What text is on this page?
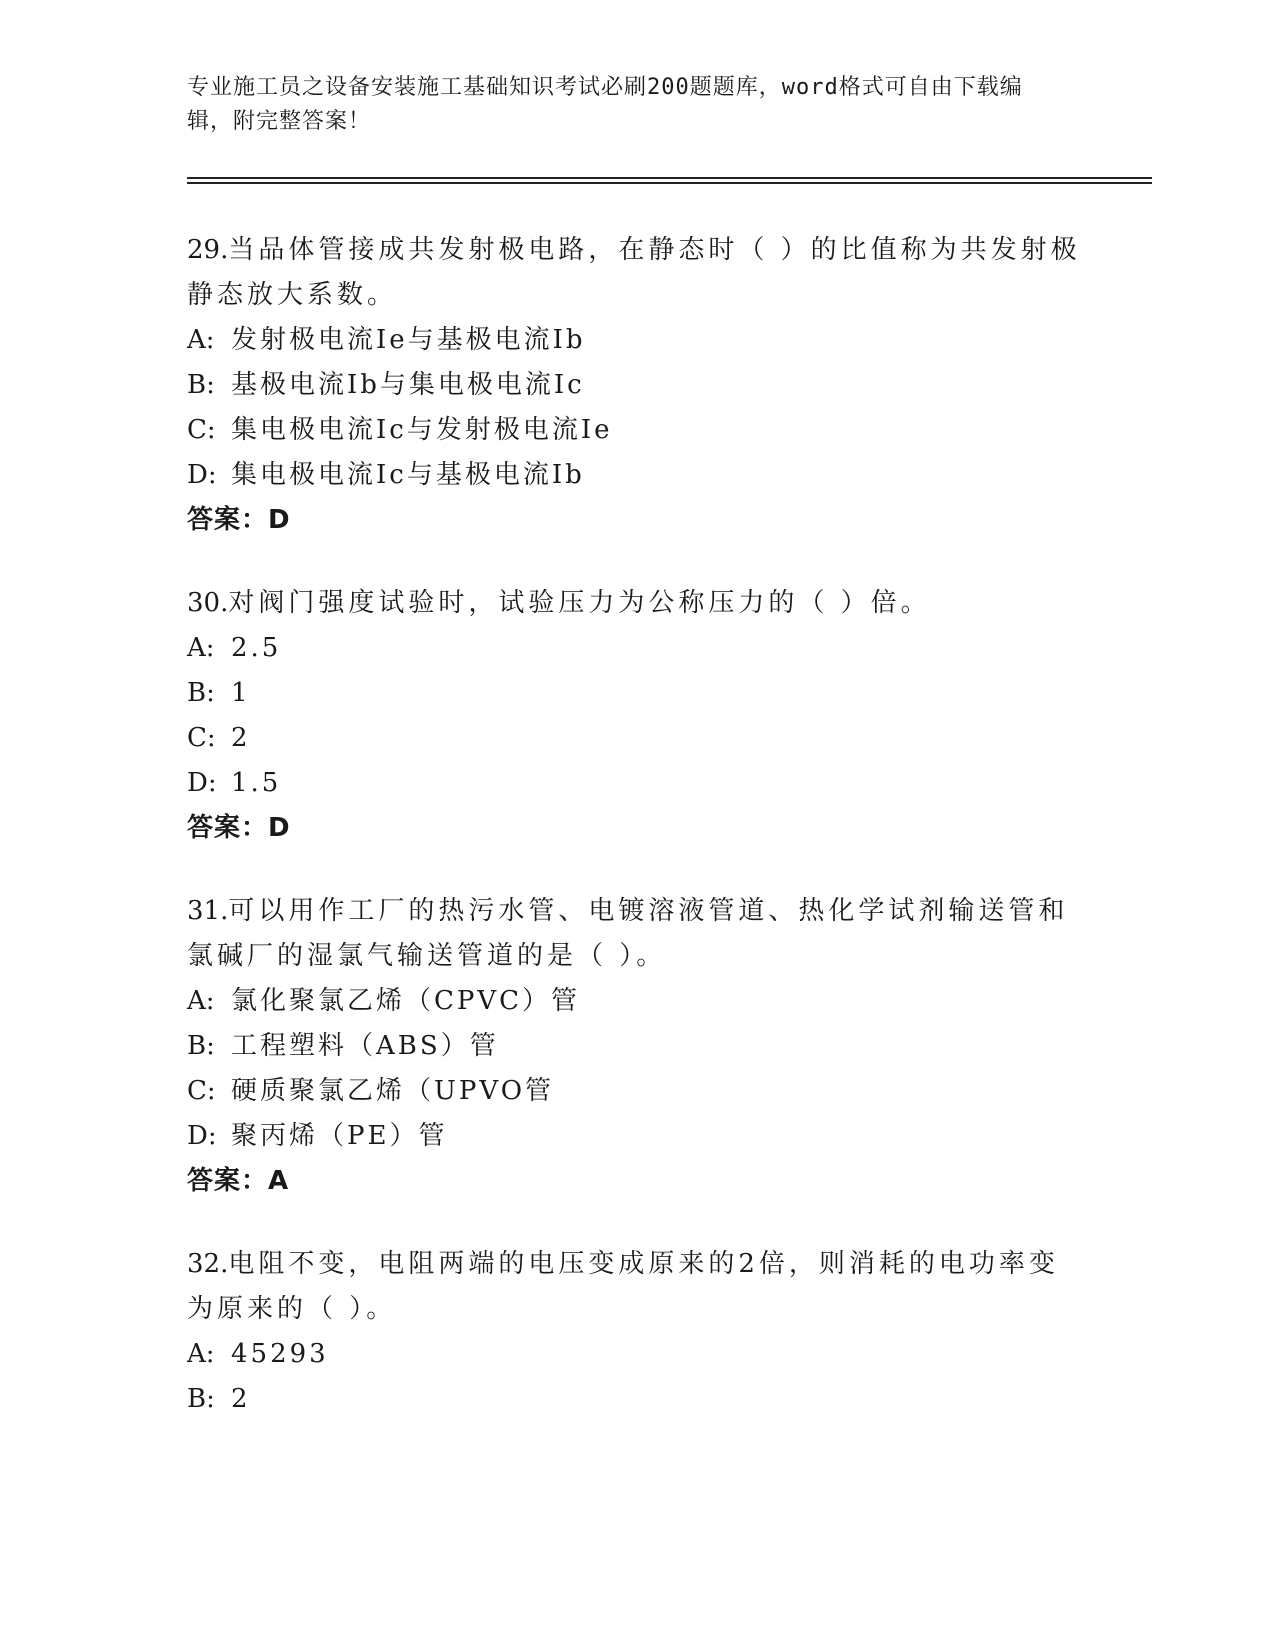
专业施工员之设备安装施工基础知识考试必刷200题题库，word格式可自由下载编辑，附完整答案！

29.当品体管接成共发射极电路，在静态时（ ）的比值称为共发射极静态放大系数。

A: 发射极电流Ie与基极电流Ib

B: 基极电流Ib与集电极电流Ic

C: 集电极电流Ic与发射极电流Ie

D: 集电极电流Ic与基极电流Ib

答案：D

30.对阀门强度试验时，试验压力为公称压力的（ ）倍。

A: 2.5

B: 1

C: 2

D: 1.5

答案：D

31.可以用作工厂的热污水管、电镀溶液管道、热化学试剂输送管和氯碱厂的湿氯气输送管道的是（ ）。

A: 氯化聚氯乙烯（CPVC）管

B: 工程塑料（ABS）管

C: 硬质聚氯乙烯（UPVO管

D: 聚丙烯（PE）管

答案：A

32.电阻不变，电阻两端的电压变成原来的2倍，则消耗的电功率变为原来的（ ）。

A: 45293

B: 2
